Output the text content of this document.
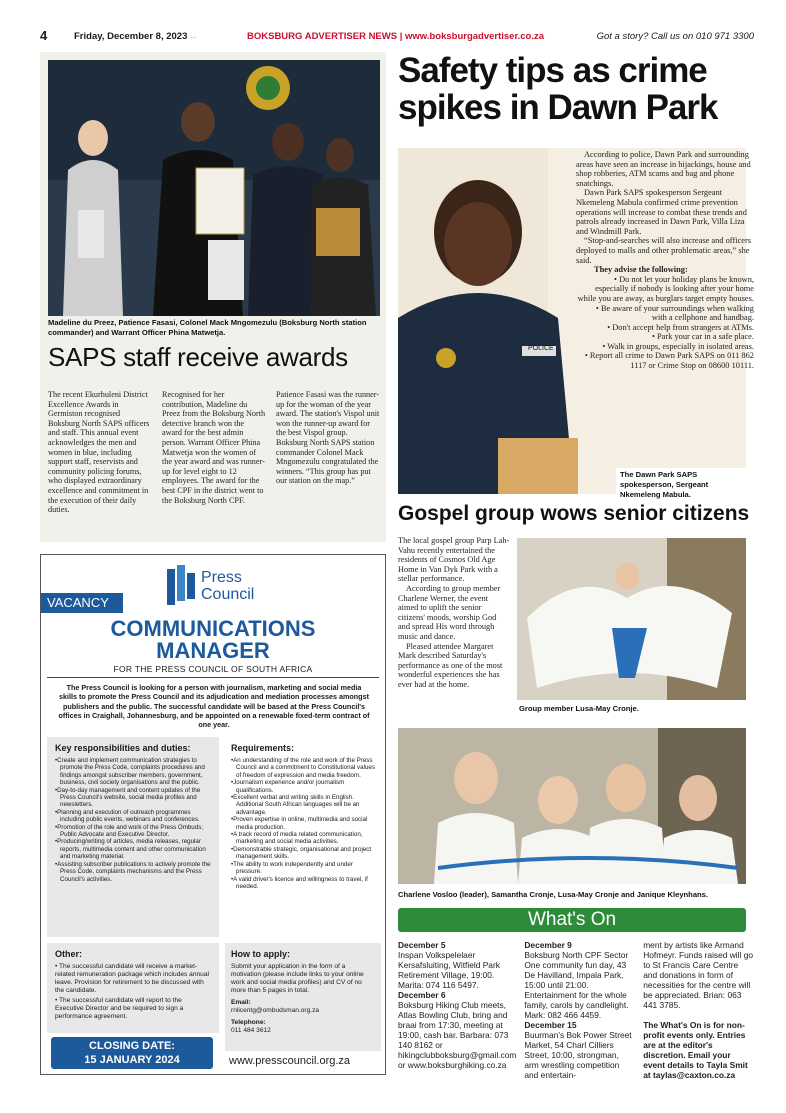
4	Friday, December 8, 2023 ...	BOKSBURG ADVERTISER NEWS | www.boksburgadvertiser.co.za	Got a story? Call us on 010 971 3300
Madeline du Preez, Patience Fasasi, Colonel Mack Mngomezulu (Boksburg North station commander) and Warrant Officer Phina Matwetja.
SAPS staff receive awards

The recent Ekurhuleni District Excellence Awards in Germiston recognised Boksburg North SAPS officers and staff. This annual event acknowledges the men and women in blue, including support staff, reservists and community policing forums, who displayed extraordinary excellence and commitment in the execution of their daily duties.

Recognised for her contribution, Madeline du Preez from the Boksburg North detective branch won the award for the best admin person. Warrant Officer Phina Matwetja won the women of the year award and was runner-up for level eight to 12 employees. The award for the best CPF in the district went to the Boksburg North CPF.

Patience Fasasi was the runner-up for the woman of the year award. The station's Vispol unit won the runner-up award for the best Vispol group. Boksburg North SAPS station commander Colonel Mack Mngomezulu congratulated the winners. “This group has put our station on the map.”

Press
Council
VACANCY
COMMUNICATIONS
MANAGER
FOR THE PRESS COUNCIL OF SOUTH AFRICA
The Press Council is looking for a person with journalism, marketing and social media skills to promote the Press Council and its adjudication and mediation processes amongst publishers and the public. The successful candidate will be based at the Press Council's offices in Craighall, Johannesburg, and be appointed on a renewable fixed-term contract of one year.
Key responsibilities and duties:
• Create and implement communication strategies to promote the Press Code, complaints procedures and findings amongst subscriber members, government, business, civil society organisations and the public.
• Day-to-day management and content updates of the Press Council's website, social media profiles and newsletters.
• Planning and execution of outreach programmes including public events, webinars and conferences.
• Promotion of the role and work of the Press Ombuds; Public Advocate and Executive Director.
• Producing/writing of articles, media releases, regular reports, multimedia content and other communication and marketing material.
• Assisting subscriber publications to actively promote the Press Code, complaints mechanisms and the Press Council's activities.
Requirements:
• An understanding of the role and work of the Press Council and a commitment to Constitutional values of freedom of expression and media freedom.
• Journalism experience and/or journalism qualifications.
• Excellent verbal and writing skills in English. Additional South African languages will be an advantage.
• Proven expertise in online, multimedia and social media production.
• A track record of media related communication, marketing and social media activities.
• Demonstrable strategic, organisational and project management skills.
• The ability to work independently and under pressure.
• A valid driver's licence and willingness to travel, if needed.
Other:

• The successful candidate will receive a market-related remuneration package which includes annual leave. Provision for retirement to be discussed with the candidate.

• The successful candidate will report to the Executive Director and be required to sign a performance agreement.

How to apply:

Submit your application in the form of a motivation (please include links to your online work and social media profiles) and CV of no more than 5 pages in total.

Email:

rnlicentg@ombudsman.org.za

Telephone:

011 484 3612

CLOSING DATE:
15 JANUARY 2024	www.presscouncil.org.za
Safety tips as crime spikes in Dawn Park
POLICE

According to police, Dawn Park and surrounding areas have seen an increase in hijackings, house and shop robberies, ATM scams and bag and phone snatchings.

Dawn Park SAPS spokesperson Sergeant Nkemeleng Mabula confirmed crime prevention operations will increase to combat these trends and patrols already increased in Dawn Park, Villa Liza and Windmill Park.

“Stop-and-searches will also increase and officers deployed to malls and other problematic areas,” she said.

They advise the following:

• Do not let your holiday plans be known, especially if nobody is looking after your home while you are away, as burglars target empty houses.

• Be aware of your surroundings when walking with a cellphone and handbag.

• Don't accept help from strangers at ATMs.

• Park your car in a safe place.

• Walk in groups, especially in isolated areas.

• Report all crime to Dawn Park SAPS on 011 862 1117 or Crime Stop on 08600 10111.

The Dawn Park SAPS spokesperson, Sergeant Nkemeleng Mabula.
Gospel group wows senior citizens

The local gospel group Parp Lah-Vahu recently entertained the residents of Cosmos Old Age Home in Van Dyk Park with a stellar performance.

According to group member Charlene Werner, the event aimed to uplift the senior citizens' moods, worship God and spread His word through music and dance.

Pleased attendee Margaret Mark described Saturday's performance as one of the most wonderful experiences she has ever had at the home.

Group member Lusa-May Cronje.
Charlene Vosloo (leader), Samantha Cronje, Lusa-May Cronje and Janique Kleynhans.
What's On
December 5
Inspan Volkspelelaer Kersafsluiting, Witfield Park Retirement Village, 19:00. Marita: 074 116 5497.
December 6
Boksburg Hiking Club meets, Atlas Bowling Club, bring and braai from 17:30, meeting at 19:00, cash bar. Barbara: 073 140 8162 or hikingclubboksburg@gmail.com or www.boksburghiking.co.za
December 9
Boksburg North CPF Sector One community fun day, 43 De Havilland, Impala Park, 15:00 until 21:00. Entertainment for the whole family, carols by candlelight. Mark: 082 466 4459.
December 15
Buurman's Bok Power Street Market, 54 Charl Cilliers Street, 10:00, strongman, arm wrestling competition and entertain-
ment by artists like Armand Hofmeyr. Funds raised will go to St Francis Care Centre and donations in form of necessities for the centre will be appreciated. Brian: 063 441 3785.
The What's On is for non-profit events only. Entries are at the editor's discretion. Email your event details to Tayla Smit at taylas@caxton.co.za
